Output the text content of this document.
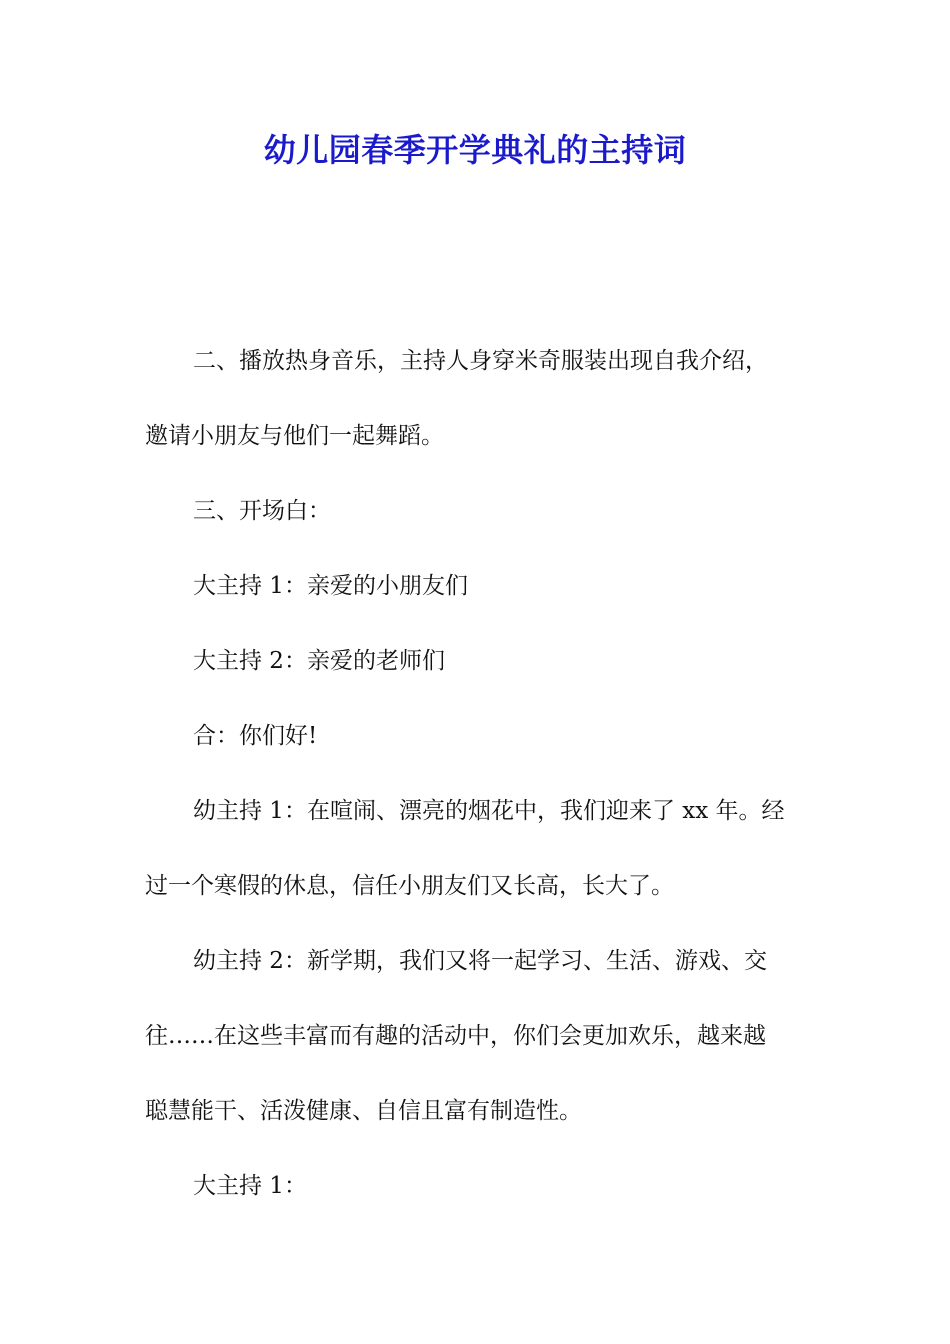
幼儿园春季开学典礼的主持词
二、播放热身音乐，主持人身穿米奇服装出现自我介绍，
邀请小朋友与他们一起舞蹈。
三、开场白：
大主持 1：亲爱的小朋友们
大主持 2：亲爱的老师们
合：你们好!
幼主持 1：在喧闹、漂亮的烟花中，我们迎来了 xx 年。经
过一个寒假的休息，信任小朋友们又长高，长大了。
幼主持 2：新学期，我们又将一起学习、生活、游戏、交
往……在这些丰富而有趣的活动中，你们会更加欢乐，越来越
聪慧能干、活泼健康、自信且富有制造性。
大主持 1：
